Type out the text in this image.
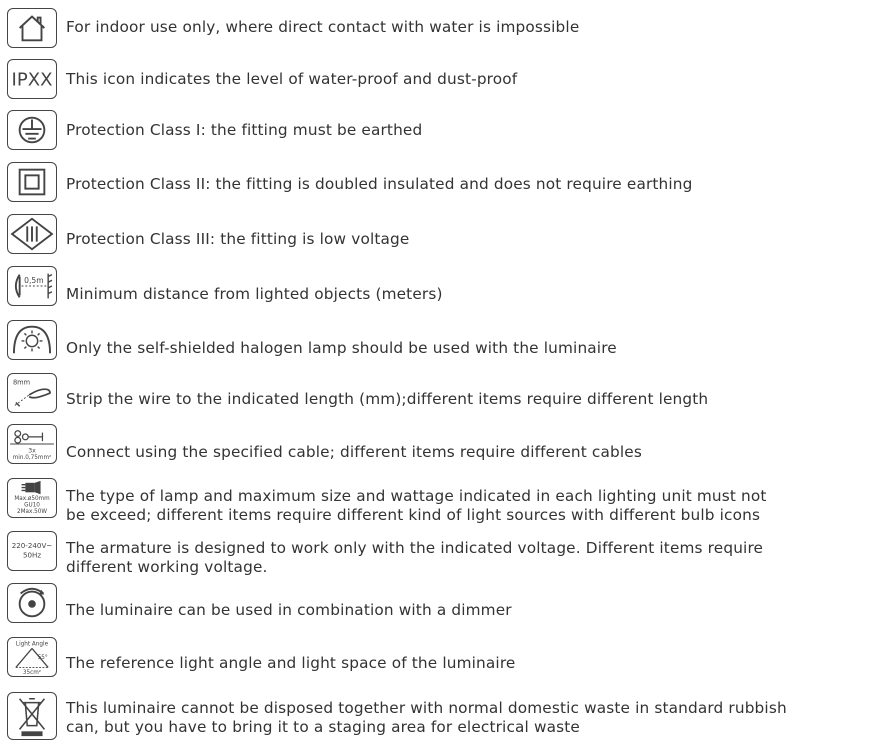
For indoor use only, where direct contact with water is impossible
IPXX This icon indicates the level of water-proof and dust-proof
Protection Class I: the fitting must be earthed
Protection Class II: the fitting is doubled insulated and does not require earthing
Protection Class III: the fitting is low voltage
0,5m
Minimum distance from lighted objects (meters)
Only the self-shielded halogen lamp should be used with the luminaire
8mm
Strip the wire to the indicated length (mm);different items require different length
3x
min.0,75mm² Connect using the specified cable; different items require different cables
Max.ø50mm
GU10
2Max.50W
The type of lamp and maximum size and wattage indicated in each lighting unit must not
be exceed; different items require different kind of light sources with different bulb icons
220-240V~
50Hz The armature is designed to work only with the indicated voltage. Different items require
different working voltage.
The luminaire can be used in combination with a dimmer
Light Angle
55°
35cm²
The reference light angle and light space of the luminaire
This luminaire cannot be disposed together with normal domestic waste in standard rubbish
can, but you have to bring it to a staging area for electrical waste
